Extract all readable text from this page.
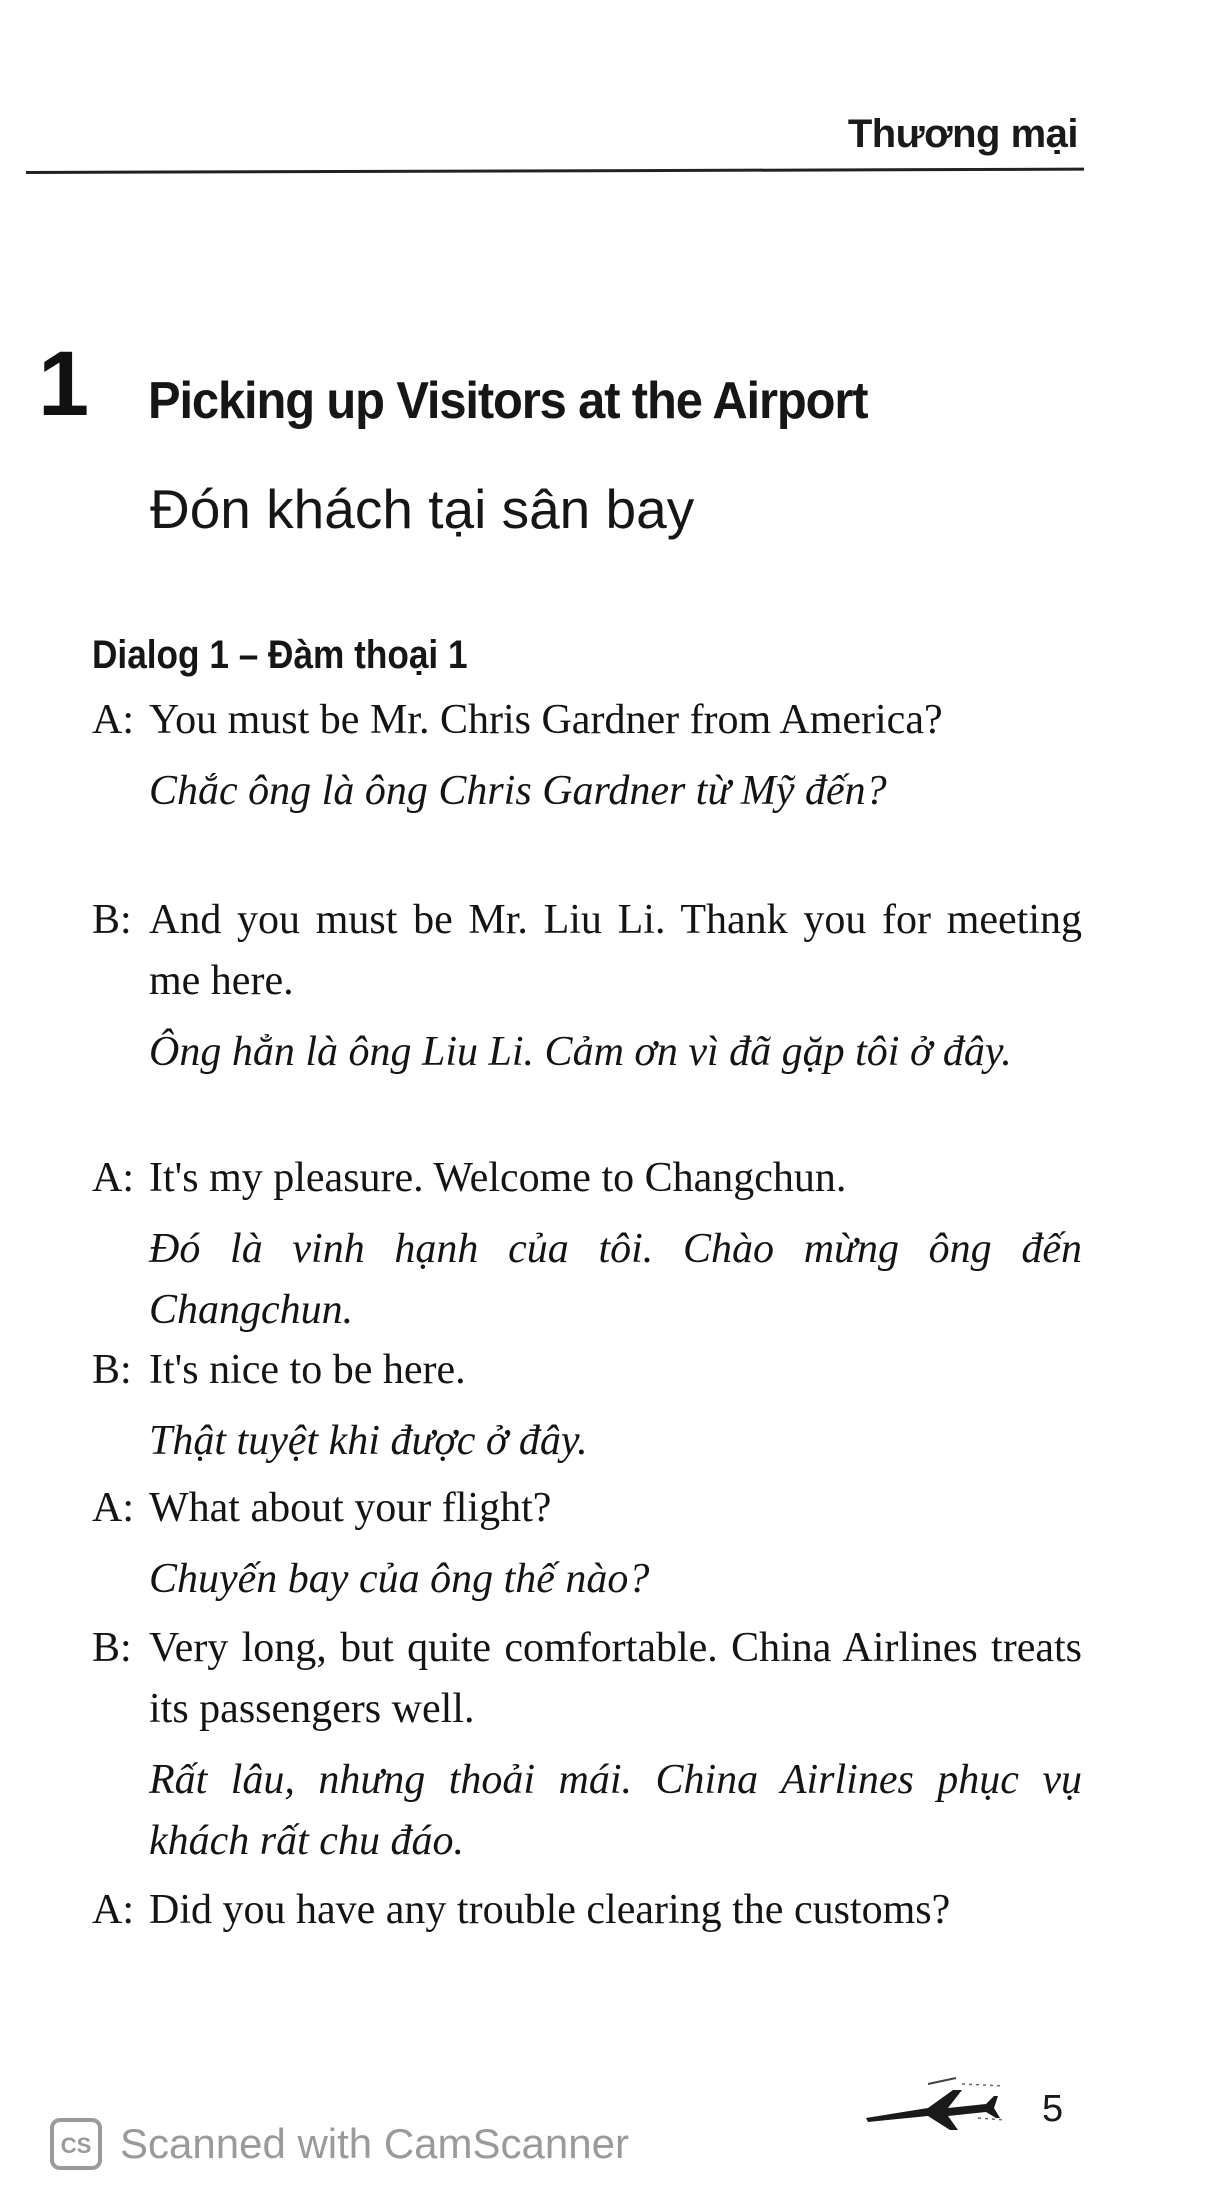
Thương mại
1 Picking up Visitors at the Airport
Đón khách tại sân bay
Dialog 1 – Đàm thoại 1
A: You must be Mr. Chris Gardner from America?
Chắc ông là ông Chris Gardner từ Mỹ đến?
B: And you must be Mr. Liu Li. Thank you for meeting me here.
Ông hẳn là ông Liu Li. Cảm ơn vì đã gặp tôi ở đây.
A: It's my pleasure. Welcome to Changchun.
Đó là vinh hạnh của tôi. Chào mừng ông đến Changchun.
B: It's nice to be here.
Thật tuyệt khi được ở đây.
A: What about your flight?
Chuyến bay của ông thế nào?
B: Very long, but quite comfortable. China Airlines treats its passengers well.
Rất lâu, nhưng thoải mái. China Airlines phục vụ khách rất chu đáo.
A: Did you have any trouble clearing the customs?
5
CS Scanned with CamScanner
